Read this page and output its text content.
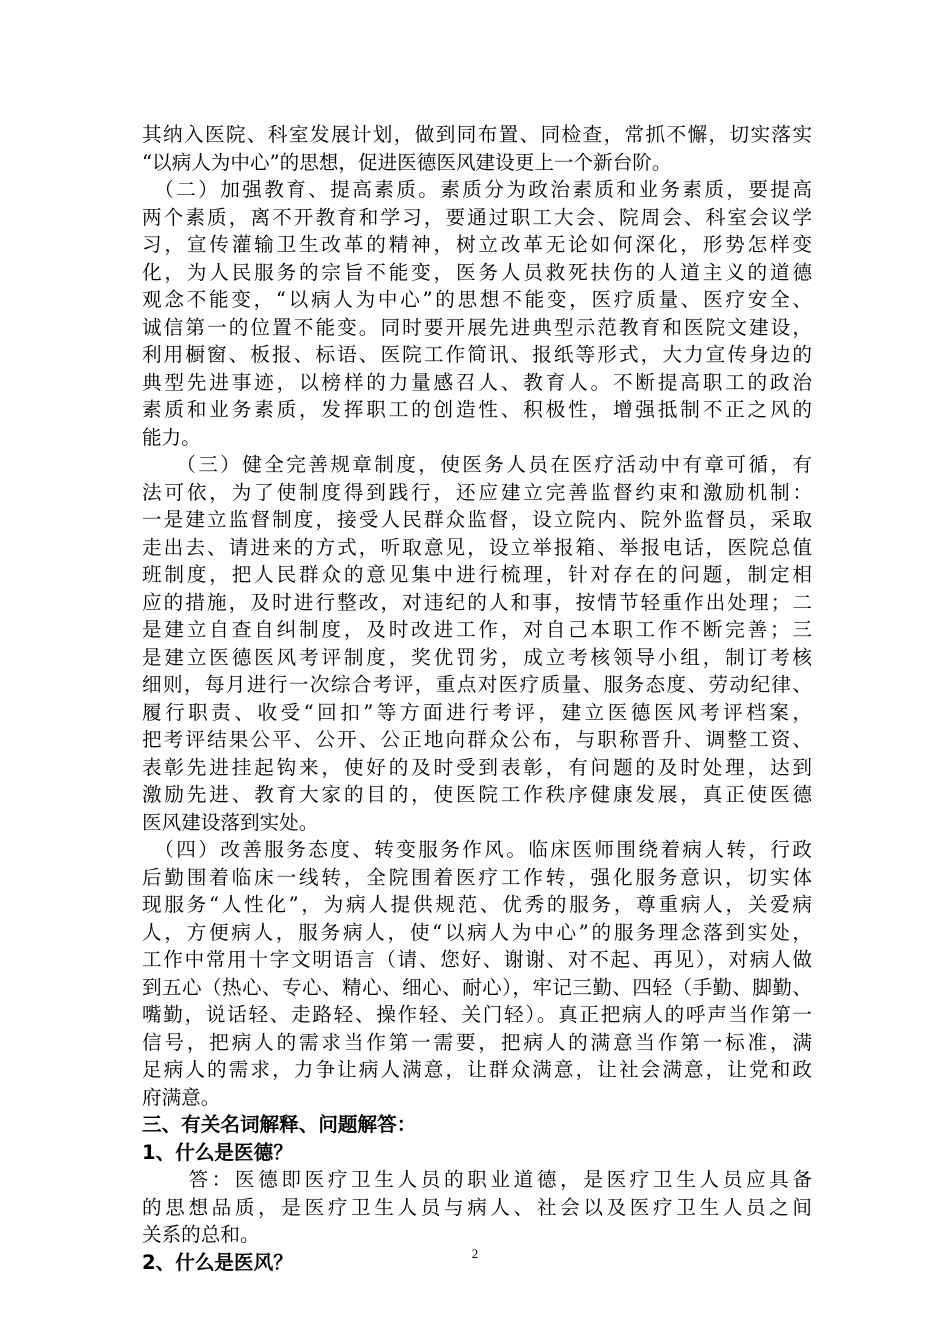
其纳入医院、科室发展计划，做到同布置、同检查，常抓不懈，切实落实
“以病人为中心”的思想，促进医德医风建设更上一个新台阶。
　（二）加强教育、提高素质。素质分为政治素质和业务素质，要提高
两个素质，离不开教育和学习，要通过职工大会、院周会、科室会议学
习，宣传灌输卫生改革的精神，树立改革无论如何深化，形势怎样变
化，为人民服务的宗旨不能变，医务人员救死扶伤的人道主义的道德
观念不能变，“以病人为中心”的思想不能变，医疗质量、医疗安全、
诚信第一的位置不能变。同时要开展先进典型示范教育和医院文建设，
利用橱窗、板报、标语、医院工作简讯、报纸等形式，大力宣传身边的
典型先进事迹，以榜样的力量感召人、教育人。不断提高职工的政治
素质和业务素质，发挥职工的创造性、积极性，增强抵制不正之风的
能力。
　　（三）健全完善规章制度，使医务人员在医疗活动中有章可循，有
法可依，为了使制度得到践行，还应建立完善监督约束和激励机制：
一是建立监督制度，接受人民群众监督，设立院内、院外监督员，采取
走出去、请进来的方式，听取意见，设立举报箱、举报电话，医院总值
班制度，把人民群众的意见集中进行梳理，针对存在的问题，制定相
应的措施，及时进行整改，对违纪的人和事，按情节轻重作出处理；二
是建立自查自纠制度，及时改进工作，对自己本职工作不断完善；三
是建立医德医风考评制度，奖优罚劣，成立考核领导小组，制订考核
细则，每月进行一次综合考评，重点对医疗质量、服务态度、劳动纪律、
履行职责、收受“回扣”等方面进行考评，建立医德医风考评档案，
把考评结果公平、公开、公正地向群众公布，与职称晋升、调整工资、
表彰先进挂起钩来，使好的及时受到表彰，有问题的及时处理，达到
激励先进、教育大家的目的，使医院工作秩序健康发展，真正使医德
医风建设落到实处。
　（四）改善服务态度、转变服务作风。临床医师围绕着病人转，行政
后勤围着临床一线转，全院围着医疗工作转，强化服务意识，切实体
现服务“人性化”，为病人提供规范、优秀的服务，尊重病人，关爱病
人，方便病人，服务病人，使“以病人为中心”的服务理念落到实处，
工作中常用十字文明语言（请、您好、谢谢、对不起、再见），对病人做
到五心（热心、专心、精心、细心、耐心），牢记三勤、四轻（手勤、脚勤、
嘴勤，说话轻、走路轻、操作轻、关门轻）。真正把病人的呼声当作第一
信号，把病人的需求当作第一需要，把病人的满意当作第一标准，满
足病人的需求，力争让病人满意，让群众满意，让社会满意，让党和政
府满意。
三、有关名词解释、问题解答：
1、什么是医德？
　　答：医德即医疗卫生人员的职业道德，是医疗卫生人员应具备
的思想品质，是医疗卫生人员与病人、社会以及医疗卫生人员之间
关系的总和。
2、什么是医风？	2
